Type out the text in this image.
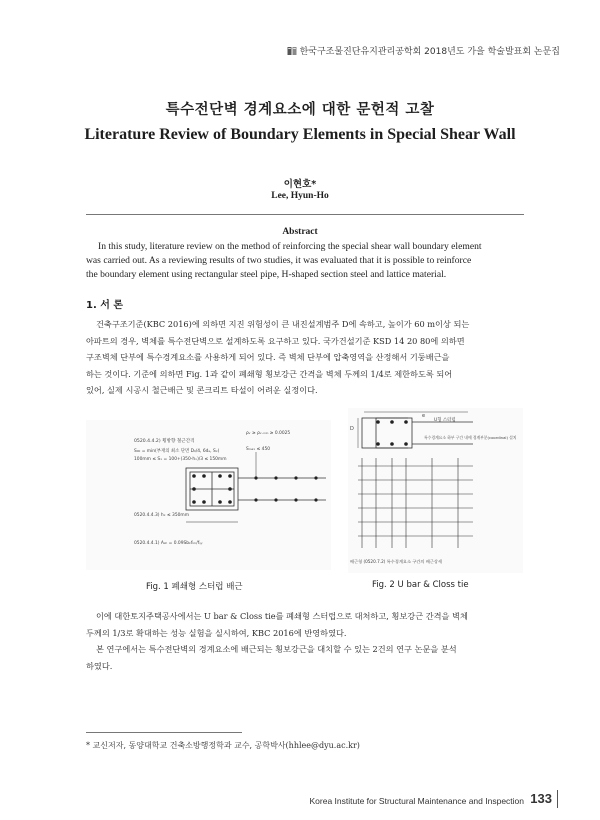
한국구조물진단유지관리공학회 2018년도 가을 학술발표회 논문집
특수전단벽 경계요소에 대한 문헌적 고찰
Literature Review of Boundary Elements in Special Shear Wall
이현호*
Lee, Hyun-Ho
Abstract
In this study, literature review on the method of reinforcing the special shear wall boundary element
was carried out. As a reviewing results of two studies, it was evaluated that it is possible to reinforce
the boundary element using rectangular steel pipe, H-shaped section steel and lattice material.
1. 서 론
건축구조기준(KBC 2016)에 의하면 지진 위험성이 큰 내진설계범주 D에 속하고, 높이가 60 m이상 되는
아파트의 경우, 벽체를 특수전단벽으로 설계하도록 요구하고 있다. 국가건설기준 KSD 14 20 80에 의하면
구조벽체 단부에 특수경계요소를 사용하게 되어 있다. 즉 벽체 단부에 압축영역을 산정해서 기둥배근을
하는 것이다. 기준에 의하면 Fig. 1과 같이 폐쇄형 횡보강근 간격을 벽체 두께의 1/4로 제한하도록 되어
있어, 실제 시공시 철근배근 및 콘크리트 타설이 어려운 실정이다.
0520.4.4.2) 횡방향 철근간격
S₀₀ = min(부재의 최소 단면 D₀/4, 6dₐ, Sₓ)
100mm ≤ Sₓ = 100+(350-hₓ)/3 ≤ 150mm
ρᵥ ≥ ρᵥ.ₘᵢₙ ≥ 0.0025
Sₘₐₓ ≤ 450
0520.4.4.3) hₓ ≤ 350mm
0520.4.4.1) Aₛₕ = 0.09Sbₖfₖₖ/fᵧᵧ
D
e
U형 스터럽
특수경계요소 하부 구간 내에 경계부분(coordinal) 설치
배근형 (0520.7.2) 특수경계요소 구간의 배근상세
Fig. 1 폐쇄형 스터럽 배근	Fig. 2 U bar & Closs tie
이에 대한토지주택공사에서는 U bar & Closs tie를 폐쇄형 스터럽으로 대처하고, 횡보강근 간격을 벽체
두께의 1/3로 확대하는 성능 실험을 실시하여, KBC 2016에 반영하였다.
본 연구에서는 특수전단벽의 경계요소에 배근되는 횡보강근을 대치할 수 있는 2건의 연구 논문을 분석
하였다.
* 교신저자, 동양대학교 건축소방행정학과 교수, 공학박사(hhlee@dyu.ac.kr)
Korea Institute for Structural Maintenance and Inspection 133
